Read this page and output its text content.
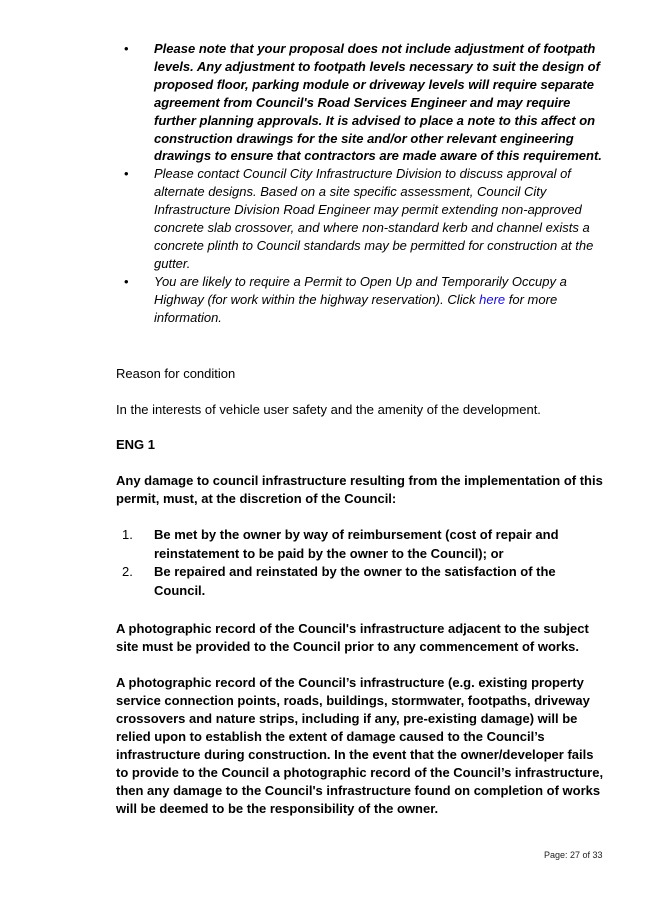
• Please note that your proposal does not include adjustment of footpath levels. Any adjustment to footpath levels necessary to suit the design of proposed floor, parking module or driveway levels will require separate agreement from Council's Road Services Engineer and may require further planning approvals. It is advised to place a note to this affect on construction drawings for the site and/or other relevant engineering drawings to ensure that contractors are made aware of this requirement.
• Please contact Council City Infrastructure Division to discuss approval of alternate designs. Based on a site specific assessment, Council City Infrastructure Division Road Engineer may permit extending non-approved concrete slab crossover, and where non-standard kerb and channel exists a concrete plinth to Council standards may be permitted for construction at the gutter.
• You are likely to require a Permit to Open Up and Temporarily Occupy a Highway (for work within the highway reservation). Click here for more information.

Reason for condition

In the interests of vehicle user safety and the amenity of the development.

ENG 1

Any damage to council infrastructure resulting from the implementation of this permit, must, at the discretion of the Council:

1. Be met by the owner by way of reimbursement (cost of repair and reinstatement to be paid by the owner to the Council); or
2. Be repaired and reinstated by the owner to the satisfaction of the Council.

A photographic record of the Council's infrastructure adjacent to the subject site must be provided to the Council prior to any commencement of works.

A photographic record of the Council’s infrastructure (e.g. existing property service connection points, roads, buildings, stormwater, footpaths, driveway crossovers and nature strips, including if any, pre-existing damage) will be relied upon to establish the extent of damage caused to the Council’s infrastructure during construction. In the event that the owner/developer fails to provide to the Council a photographic record of the Council’s infrastructure, then any damage to the Council's infrastructure found on completion of works will be deemed to be the responsibility of the owner.

Page: 27 of 33
